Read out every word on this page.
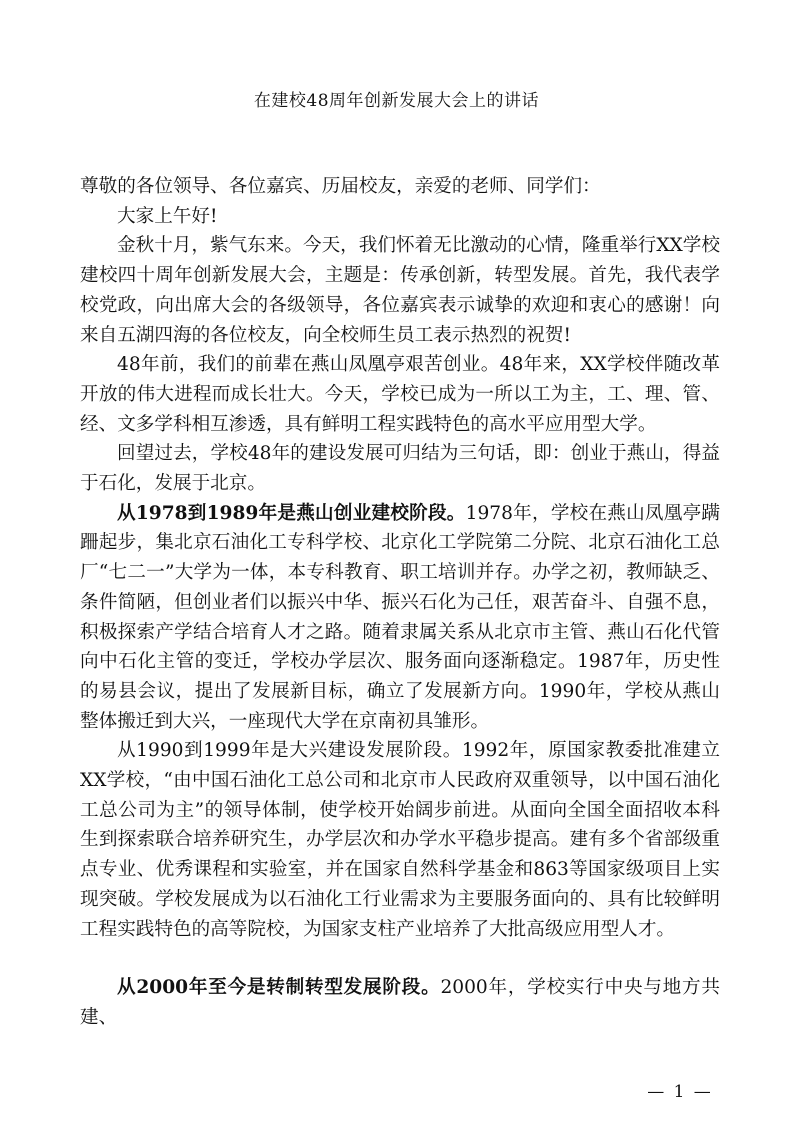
在建校48周年创新发展大会上的讲话

尊敬的各位领导、各位嘉宾、历届校友，亲爱的老师、同学们：

大家上午好!

金秋十月，紫气东来。今天，我们怀着无比激动的心情，隆重举行XX学校建校四十周年创新发展大会，主题是：传承创新，转型发展。首先，我代表学校党政，向出席大会的各级领导，各位嘉宾表示诚挚的欢迎和衷心的感谢！向来自五湖四海的各位校友，向全校师生员工表示热烈的祝贺!

48年前，我们的前辈在燕山凤凰亭艰苦创业。48年来，XX学校伴随改革开放的伟大进程而成长壮大。今天，学校已成为一所以工为主，工、理、管、经、文多学科相互渗透，具有鲜明工程实践特色的高水平应用型大学。

回望过去，学校48年的建设发展可归结为三句话，即：创业于燕山，得益于石化，发展于北京。

从1978到1989年是燕山创业建校阶段。1978年，学校在燕山凤凰亭蹒跚起步，集北京石油化工专科学校、北京化工学院第二分院、北京石油化工总厂“七二一”大学为一体，本专科教育、职工培训并存。办学之初，教师缺乏、条件简陋，但创业者们以振兴中华、振兴石化为己任，艰苦奋斗、自强不息，积极探索产学结合培育人才之路。随着隶属关系从北京市主管、燕山石化代管向中石化主管的变迁，学校办学层次、服务面向逐渐稳定。1987年，历史性的易县会议，提出了发展新目标，确立了发展新方向。1990年，学校从燕山整体搬迁到大兴，一座现代大学在京南初具雏形。

从1990到1999年是大兴建设发展阶段。1992年，原国家教委批准建立XX学校，“由中国石油化工总公司和北京市人民政府双重领导，以中国石油化工总公司为主”的领导体制，使学校开始阔步前进。从面向全国全面招收本科生到探索联合培养研究生，办学层次和办学水平稳步提高。建有多个省部级重点专业、优秀课程和实验室，并在国家自然科学基金和863等国家级项目上实现突破。学校发展成为以石油化工行业需求为主要服务面向的、具有比较鲜明工程实践特色的高等院校，为国家支柱产业培养了大批高级应用型人才。

从2000年至今是转制转型发展阶段。2000年，学校实行中央与地方共建、

— 1 —
